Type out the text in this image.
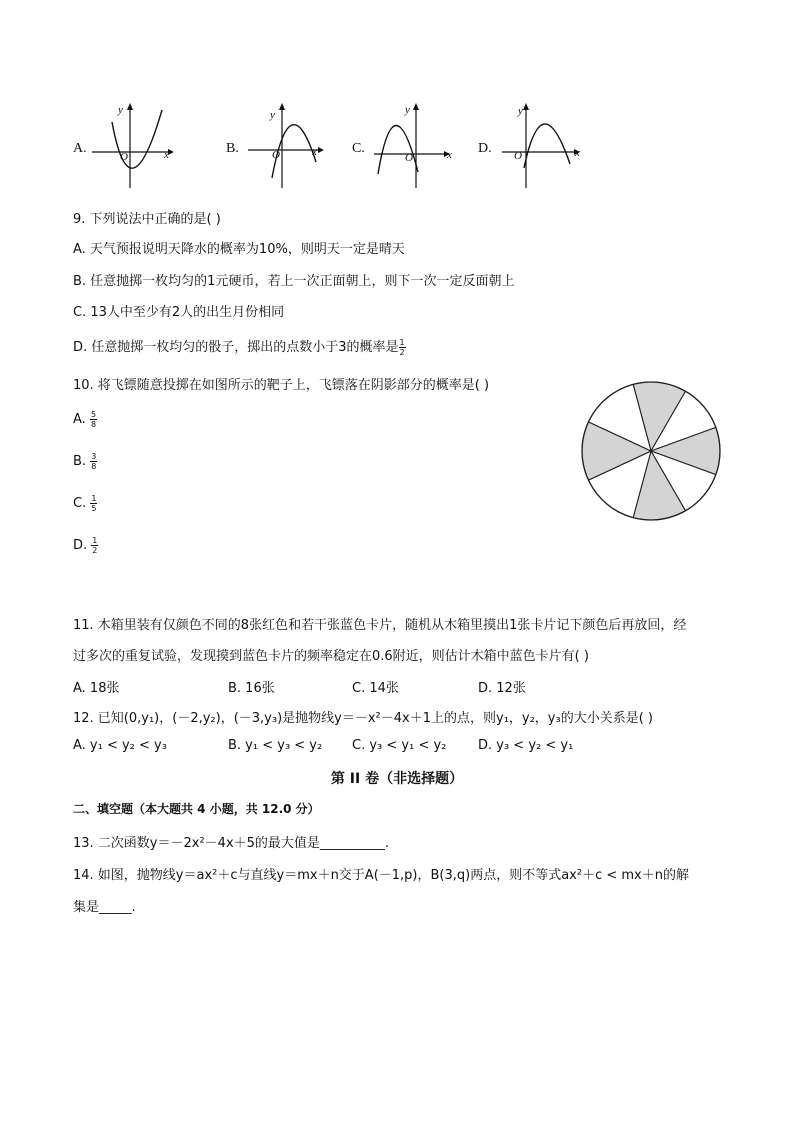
A.
y
x
O
B.
y
x
O	C.
y
x
O
D.
y
x
O
9. 下列说法中正确的是( )
A. 天气预报说明天降水的概率为10%，则明天一定是晴天
B. 任意抛掷一枚均匀的1元硬币，若上一次正面朝上，则下一次一定反面朝上
C. 13人中至少有2人的出生月份相同
D. 任意抛掷一枚均匀的骰子，掷出的点数小于3的概率是 $\frac{1}{2}$
10. 将飞镖随意投掷在如图所示的靶子上，飞镖落在阴影部分的概率是( )
A. $\frac{5}{8}$
B. $\frac{3}{8}$
C. $\frac{1}{5}$
D. $\frac{1}{2}$
11. 木箱里装有仅颜色不同的8张红色和若干张蓝色卡片，随机从木箱里摸出1张卡片记下颜色后再放回，经
过多次的重复试验，发现摸到蓝色卡片的频率稳定在0.6附近，则估计木箱中蓝色卡片有( )
A. 18张	B. 16张	C. 14张	D. 12张
12. 已知(0,y₁)，(－2,y₂)，(－3,y₃)是抛物线y＝－x²－4x＋1上的点，则y₁，y₂，y₃的大小关系是( )
A. y₁ < y₂ < y₃	B. y₁ < y₃ < y₂ C. y₃ < y₁ < y₂ D. y₃ < y₂ < y₁
第 II 卷（非选择题）
二、填空题（本大题共 4 小题，共 12.0 分）
13. 二次函数y＝－2x²－4x＋5的最大值是__________.
14. 如图，抛物线y＝ax²＋c与直线y＝mx＋n交于A(－1,p)，B(3,q)两点，则不等式ax²＋c < mx＋n的解
集是_____.
